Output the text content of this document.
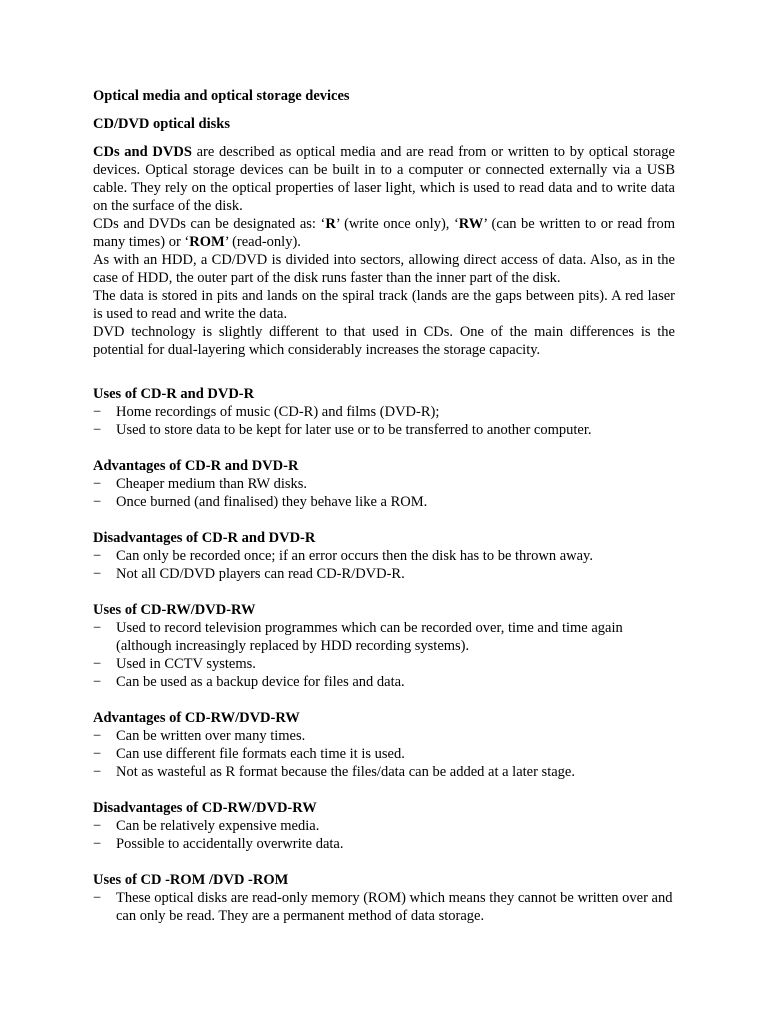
Optical media and optical storage devices

CD/DVD optical disks

CDs and DVDS are described as optical media and are read from or written to by optical storage devices. Optical storage devices can be built in to a computer or connected externally via a USB cable. They rely on the optical properties of laser light, which is used to read data and to write data on the surface of the disk.

CDs and DVDs can be designated as: ‘R’ (write once only), ‘RW’ (can be written to or read from many times) or ‘ROM’ (read-only).

As with an HDD, a CD/DVD is divided into sectors, allowing direct access of data. Also, as in the case of HDD, the outer part of the disk runs faster than the inner part of the disk.

The data is stored in pits and lands on the spiral track (lands are the gaps between pits). A red laser is used to read and write the data.

DVD technology is slightly different to that used in CDs. One of the main differences is the potential for dual-layering which considerably increases the storage capacity.

Uses of CD-R and DVD-R

− Home recordings of music (CD-R) and films (DVD-R);
− Used to store data to be kept for later use or to be transferred to another computer.

Advantages of CD-R and DVD-R

− Cheaper medium than RW disks.
− Once burned (and finalised) they behave like a ROM.

Disadvantages of CD-R and DVD-R

− Can only be recorded once; if an error occurs then the disk has to be thrown away.
− Not all CD/DVD players can read CD-R/DVD-R.

Uses of CD-RW/DVD-RW

− Used to record television programmes which can be recorded over, time and time again (although increasingly replaced by HDD recording systems).
− Used in CCTV systems.
− Can be used as a backup device for files and data.

Advantages of CD-RW/DVD-RW

− Can be written over many times.
− Can use different file formats each time it is used.
− Not as wasteful as R format because the files/data can be added at a later stage.

Disadvantages of CD-RW/DVD-RW

− Can be relatively expensive media.
− Possible to accidentally overwrite data.

Uses of CD -ROM /DVD -ROM

− These optical disks are read-only memory (ROM) which means they cannot be written over and can only be read. They are a permanent method of data storage.
